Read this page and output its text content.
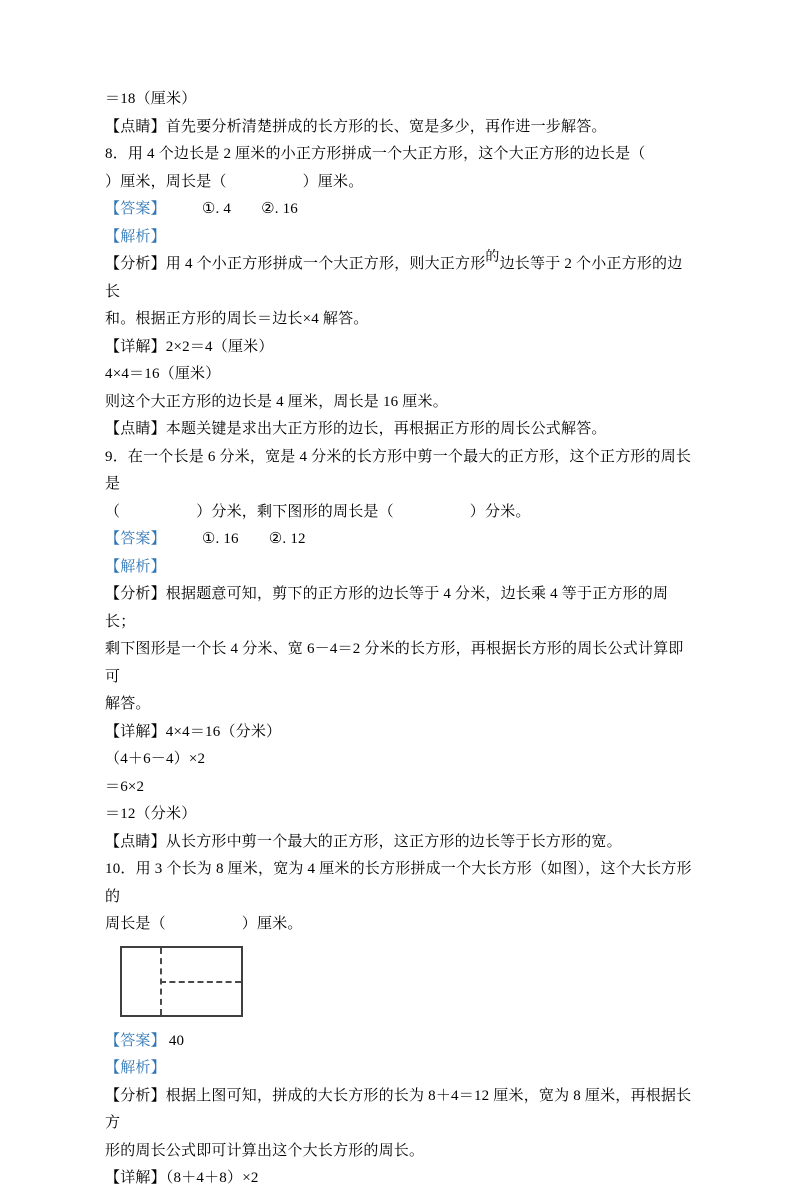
＝18（厘米）

【点睛】首先要分析清楚拼成的长方形的长、宽是多少，再作进一步解答。

8．用 4 个边长是 2 厘米的小正方形拼成一个大正方形，这个大正方形的边长是（

）厘米，周长是（　　　　　）厘米。

【答案】 ①. 4 ②. 16

【解析】

【分析】用 4 个小正方形拼成一个大正方形，则大正方形的边长等于 2 个小正方形的边长

和。根据正方形的周长＝边长×4 解答。

【详解】2×2＝4（厘米）

4×4＝16（厘米）

则这个大正方形的边长是 4 厘米，周长是 16 厘米。

【点睛】本题关键是求出大正方形的边长，再根据正方形的周长公式解答。

9．在一个长是 6 分米，宽是 4 分米的长方形中剪一个最大的正方形，这个正方形的周长是

（　　　　　）分米，剩下图形的周长是（　　　　　）分米。

【答案】 ①. 16 ②. 12

【解析】

【分析】根据题意可知，剪下的正方形的边长等于 4 分米，边长乘 4 等于正方形的周长；

剩下图形是一个长 4 分米、宽 6－4＝2 分米的长方形，再根据长方形的周长公式计算即可

解答。

【详解】4×4＝16（分米）

（4＋6－4）×2

＝6×2

＝12（分米）

【点睛】从长方形中剪一个最大的正方形，这正方形的边长等于长方形的宽。

10．用 3 个长为 8 厘米，宽为 4 厘米的长方形拼成一个大长方形（如图），这个大长方形的

周长是（　　　　　）厘米。

【答案】 40

【解析】

【分析】根据上图可知，拼成的大长方形的长为 8＋4＝12 厘米，宽为 8 厘米，再根据长方

形的周长公式即可计算出这个大长方形的周长。

【详解】（8＋4＋8）×2
